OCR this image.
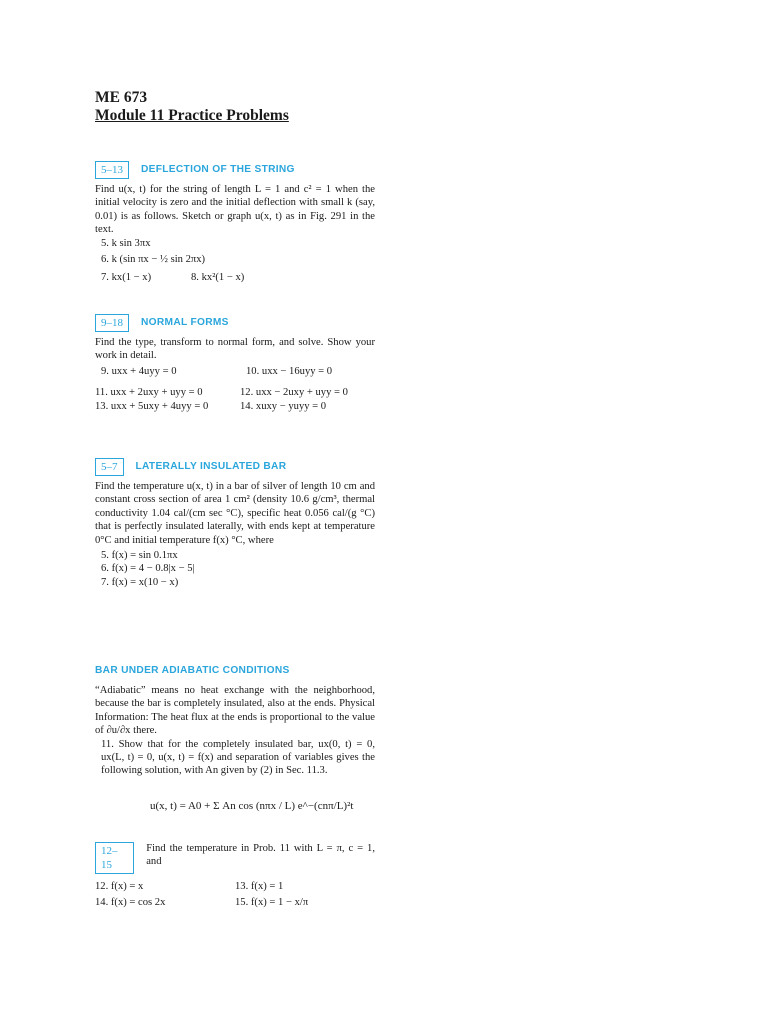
ME 673
Module 11 Practice Problems
5–13	DEFLECTION OF THE STRING
Find u(x, t) for the string of length L = 1 and c² = 1 when the initial velocity is zero and the initial deflection with small k (say, 0.01) is as follows. Sketch or graph u(x, t) as in Fig. 291 in the text.
5. k sin 3πx
6. k (sin πx − ½ sin 2πx)
7. kx(1 − x)	8. kx²(1 − x)
9–18	NORMAL FORMS
Find the type, transform to normal form, and solve. Show your work in detail.
9. uxx + 4uyy = 0	10. uxx − 16uyy = 0
11. uxx + 2uxy + uyy = 0	12. uxx − 2uxy + uyy = 0
13. uxx + 5uxy + 4uyy = 0	14. xuxy − yuyy = 0
5–7	LATERALLY INSULATED BAR
Find the temperature u(x, t) in a bar of silver of length 10 cm and constant cross section of area 1 cm² (density 10.6 g/cm³, thermal conductivity 1.04 cal/(cm sec °C), specific heat 0.056 cal/(g °C) that is perfectly insulated laterally, with ends kept at temperature 0°C and initial temperature f(x) °C, where
5. f(x) = sin 0.1πx
6. f(x) = 4 − 0.8|x − 5|
7. f(x) = x(10 − x)
BAR UNDER ADIABATIC CONDITIONS
“Adiabatic” means no heat exchange with the neighborhood, because the bar is completely insulated, also at the ends. Physical Information: The heat flux at the ends is proportional to the value of ∂u/∂x there.
11. Show that for the completely insulated bar, ux(0, t) = 0, ux(L, t) = 0, u(x, t) = f(x) and separation of variables gives the following solution, with An given by (2) in Sec. 11.3.
u(x, t) = A0 + Σ An cos (nπx / L) e^−(cnπ/L)²t
12–15
Find the temperature in Prob. 11 with L = π, c = 1, and
12. f(x) = x	13. f(x) = 1
14. f(x) = cos 2x	15. f(x) = 1 − x/π
